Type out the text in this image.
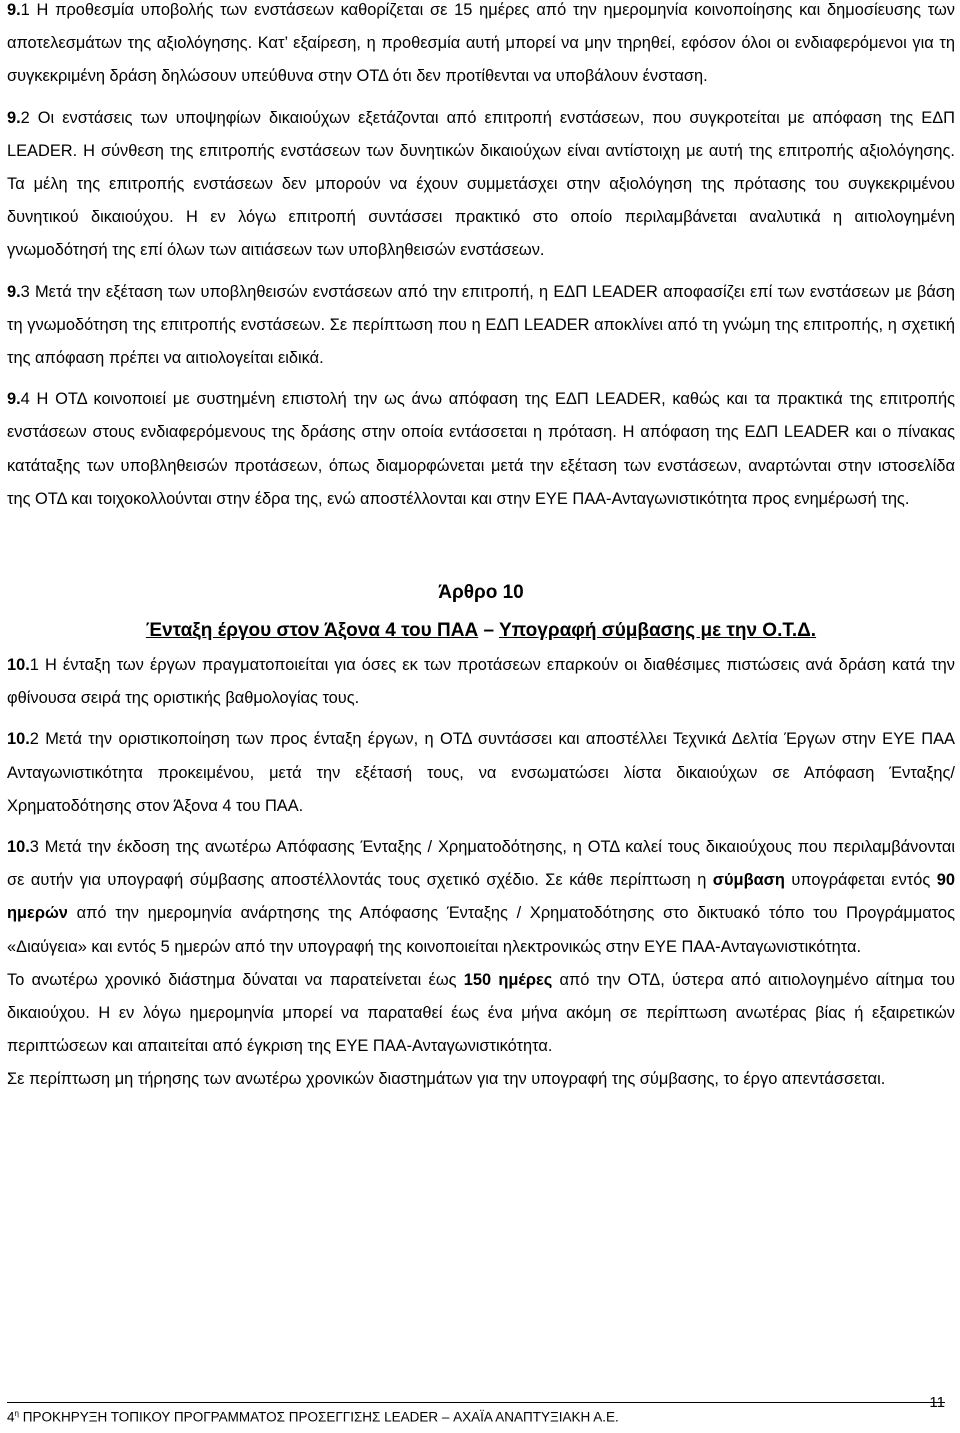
9.1 Η προθεσμία υποβολής των ενστάσεων καθορίζεται σε 15 ημέρες από την ημερομηνία κοινοποίησης και δημοσίευσης των αποτελεσμάτων της αξιολόγησης. Κατ’ εξαίρεση, η προθεσμία αυτή μπορεί να μην τηρηθεί, εφόσον όλοι οι ενδιαφερόμενοι για τη συγκεκριμένη δράση δηλώσουν υπεύθυνα στην ΟΤΔ ότι δεν προτίθενται να υποβάλουν ένσταση.

9.2 Οι ενστάσεις των υποψηφίων δικαιούχων εξετάζονται από επιτροπή ενστάσεων, που συγκροτείται με απόφαση της ΕΔΠ LEADER. Η σύνθεση της επιτροπής ενστάσεων των δυνητικών δικαιούχων είναι αντίστοιχη με αυτή της επιτροπής αξιολόγησης. Τα μέλη της επιτροπής ενστάσεων δεν μπορούν να έχουν συμμετάσχει στην αξιολόγηση της πρότασης του συγκεκριμένου δυνητικού δικαιούχου. Η εν λόγω επιτροπή συντάσσει πρακτικό στο οποίο περιλαμβάνεται αναλυτικά η αιτιολογημένη γνωμοδότησή της επί όλων των αιτιάσεων των υποβληθεισών ενστάσεων.

9.3 Μετά την εξέταση των υποβληθεισών ενστάσεων από την επιτροπή, η ΕΔΠ LEADER αποφασίζει επί των ενστάσεων με βάση τη γνωμοδότηση της επιτροπής ενστάσεων. Σε περίπτωση που η ΕΔΠ LEADER αποκλίνει από τη γνώμη της επιτροπής, η σχετική της απόφαση πρέπει να αιτιολογείται ειδικά.

9.4 Η ΟΤΔ κοινοποιεί με συστημένη επιστολή την ως άνω απόφαση της ΕΔΠ LEADER, καθώς και τα πρακτικά της επιτροπής ενστάσεων στους ενδιαφερόμενους της δράσης στην οποία εντάσσεται η πρόταση. Η απόφαση της ΕΔΠ LEADER και ο πίνακας κατάταξης των υποβληθεισών προτάσεων, όπως διαμορφώνεται μετά την εξέταση των ενστάσεων, αναρτώνται στην ιστοσελίδα της ΟΤΔ και τοιχοκολλούνται στην έδρα της, ενώ αποστέλλονται και στην ΕΥΕ ΠΑΑ-Ανταγωνιστικότητα προς ενημέρωσή της.

Άρθρο 10

Ένταξη έργου στον Άξονα 4 του ΠΑΑ – Υπογραφή σύμβασης με την Ο.Τ.Δ.

10.1 Η ένταξη των έργων πραγματοποιείται για όσες εκ των προτάσεων επαρκούν οι διαθέσιμες πιστώσεις ανά δράση κατά την φθίνουσα σειρά της οριστικής βαθμολογίας τους.

10.2 Μετά την οριστικοποίηση των προς ένταξη έργων, η ΟΤΔ συντάσσει και αποστέλλει Τεχνικά Δελτία Έργων στην ΕΥΕ ΠΑΑ Ανταγωνιστικότητα προκειμένου, μετά την εξέτασή τους, να ενσωματώσει λίστα δικαιούχων σε Απόφαση Ένταξης/ Χρηματοδότησης στον Άξονα 4 του ΠΑΑ.

10.3 Μετά την έκδοση της ανωτέρω Απόφασης Ένταξης / Χρηματοδότησης, η ΟΤΔ καλεί τους δικαιούχους που περιλαμβάνονται σε αυτήν για υπογραφή σύμβασης αποστέλλοντάς τους σχετικό σχέδιο. Σε κάθε περίπτωση η σύμβαση υπογράφεται εντός 90 ημερών από την ημερομηνία ανάρτησης της Απόφασης Ένταξης / Χρηματοδότησης στο δικτυακό τόπο του Προγράμματος «Διαύγεια» και εντός 5 ημερών από την υπογραφή της κοινοποιείται ηλεκτρονικώς στην ΕΥΕ ΠΑΑ-Ανταγωνιστικότητα.

Το ανωτέρω χρονικό διάστημα δύναται να παρατείνεται έως 150 ημέρες από την ΟΤΔ, ύστερα από αιτιολογημένο αίτημα του δικαιούχου. Η εν λόγω ημερομηνία μπορεί να παραταθεί έως ένα μήνα ακόμη σε περίπτωση ανωτέρας βίας ή εξαιρετικών περιπτώσεων και απαιτείται από έγκριση της ΕΥΕ ΠΑΑ-Ανταγωνιστικότητα.

Σε περίπτωση μη τήρησης των ανωτέρω χρονικών διαστημάτων για την υπογραφή της σύμβασης, το έργο απεντάσσεται.

$4^\eta$ ΠΡΟΚΗΡΥΞΗ ΤΟΠΙΚΟΥ ΠΡΟΓΡΑΜΜΑΤΟΣ ΠΡΟΣΕΓΓΙΣΗΣ LEADER – ΑΧΑΪΑ ΑΝΑΠΤΥΞΙΑΚΗ Α.Ε.
11
